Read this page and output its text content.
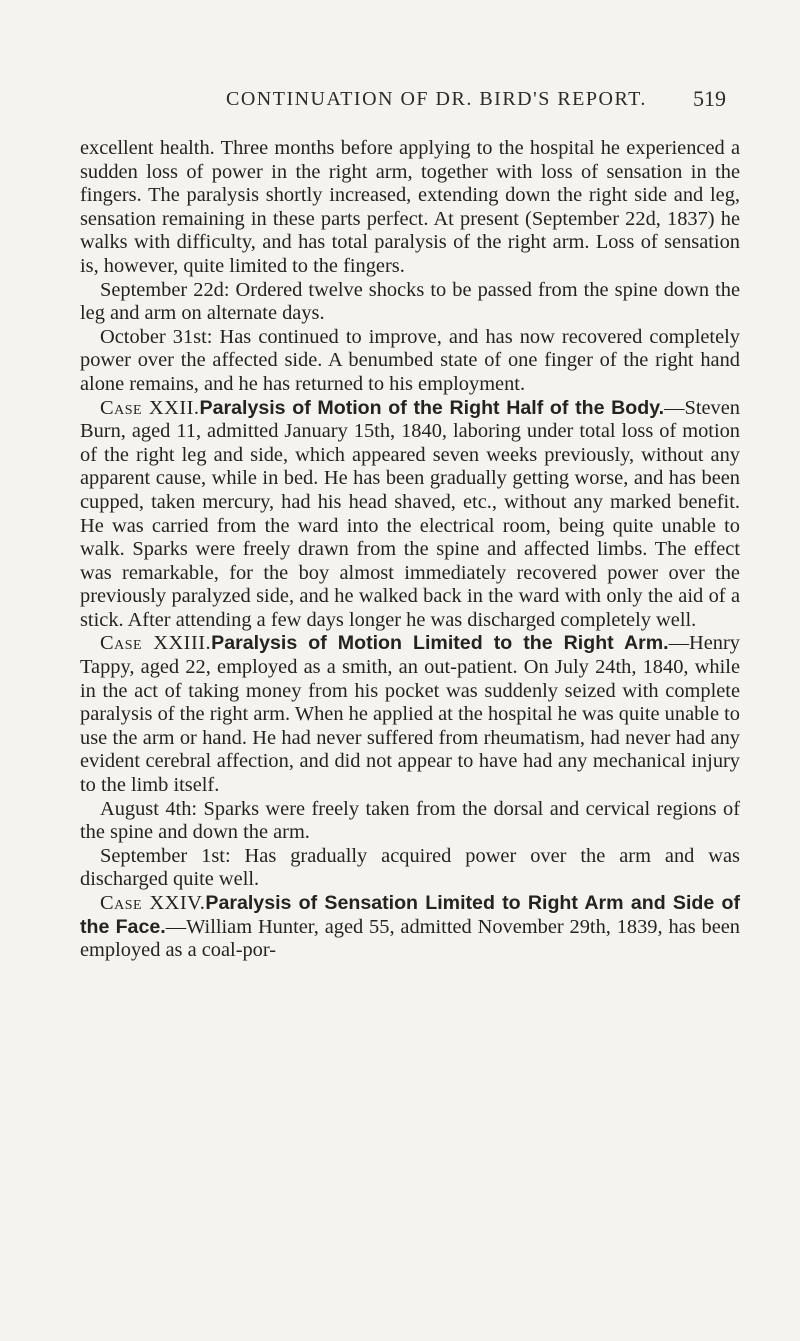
CONTINUATION OF DR. BIRD'S REPORT. 519

excellent health. Three months before applying to the hospital he experienced a sudden loss of power in the right arm, together with loss of sensation in the fingers. The paralysis shortly increased, extending down the right side and leg, sensation remaining in these parts perfect. At present (September 22d, 1837) he walks with difficulty, and has total paralysis of the right arm. Loss of sensation is, however, quite limited to the fingers.

September 22d: Ordered twelve shocks to be passed from the spine down the leg and arm on alternate days.

October 31st: Has continued to improve, and has now recovered completely power over the affected side. A benumbed state of one finger of the right hand alone remains, and he has returned to his employment.

Case XXII.Paralysis of Motion of the Right Half of the Body.—Steven Burn, aged 11, admitted January 15th, 1840, laboring under total loss of motion of the right leg and side, which appeared seven weeks previously, without any apparent cause, while in bed. He has been gradually getting worse, and has been cupped, taken mercury, had his head shaved, etc., without any marked benefit. He was carried from the ward into the electrical room, being quite unable to walk. Sparks were freely drawn from the spine and affected limbs. The effect was remarkable, for the boy almost immediately recovered power over the previously paralyzed side, and he walked back in the ward with only the aid of a stick. After attending a few days longer he was discharged completely well.

Case XXIII.Paralysis of Motion Limited to the Right Arm.—Henry Tappy, aged 22, employed as a smith, an out-patient. On July 24th, 1840, while in the act of taking money from his pocket was suddenly seized with complete paralysis of the right arm. When he applied at the hospital he was quite unable to use the arm or hand. He had never suffered from rheumatism, had never had any evident cerebral affection, and did not appear to have had any mechanical injury to the limb itself.

August 4th: Sparks were freely taken from the dorsal and cervical regions of the spine and down the arm.

September 1st: Has gradually acquired power over the arm and was discharged quite well.

Case XXIV.Paralysis of Sensation Limited to Right Arm and Side of the Face.—William Hunter, aged 55, admitted November 29th, 1839, has been employed as a coal-por-
